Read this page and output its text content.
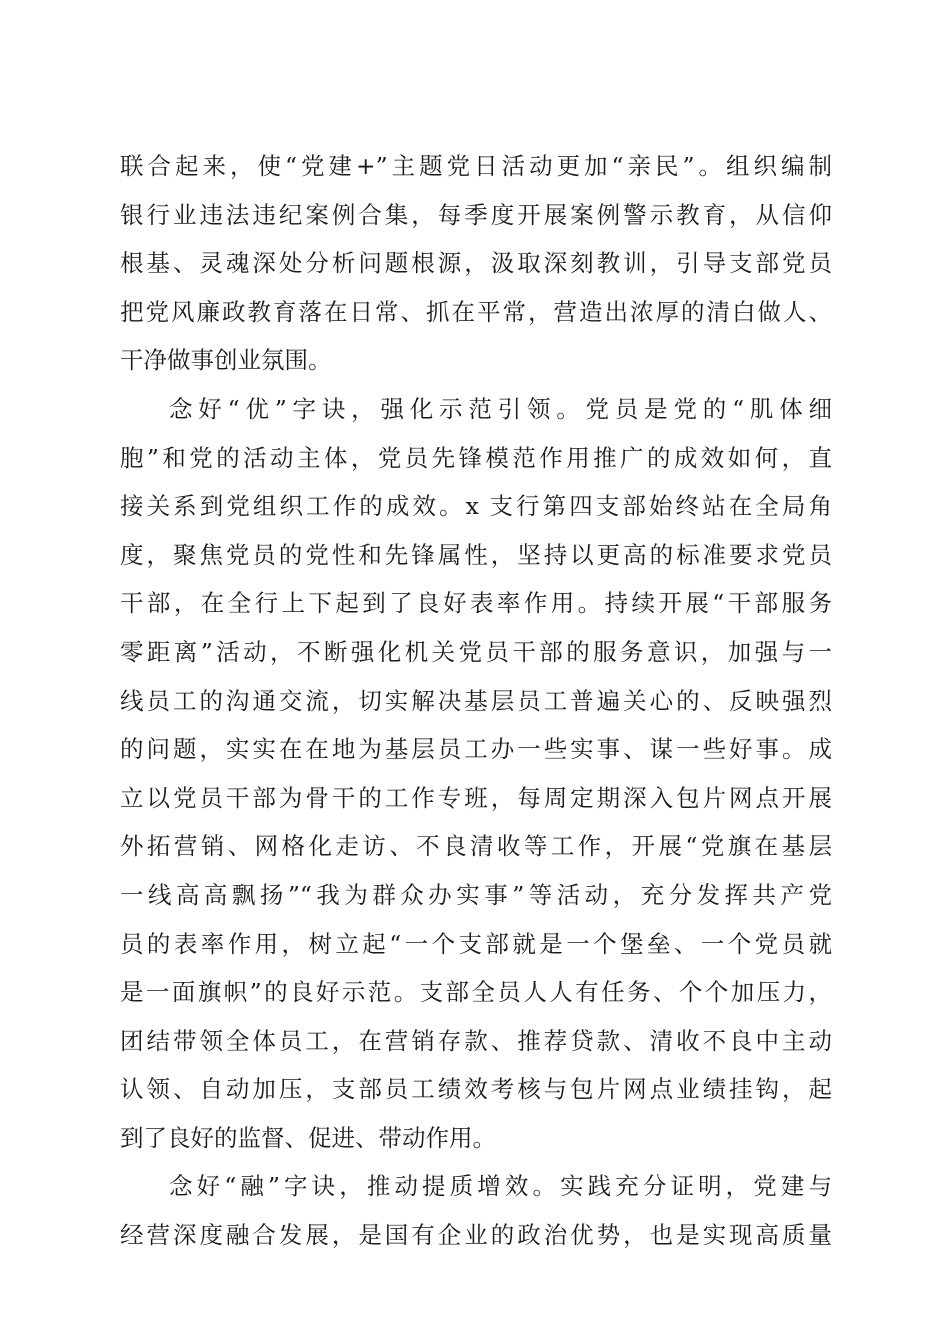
联合起来，使“党建+”主题党日活动更加“亲民”。组织编制
银行业违法违纪案例合集，每季度开展案例警示教育，从信仰
根基、灵魂深处分析问题根源，汲取深刻教训，引导支部党员
把党风廉政教育落在日常、抓在平常，营造出浓厚的清白做人、
干净做事创业氛围。
念好“优”字诀，强化示范引领。党员是党的“肌体细
胞”和党的活动主体，党员先锋模范作用推广的成效如何，直
接关系到党组织工作的成效。x 支行第四支部始终站在全局角
度，聚焦党员的党性和先锋属性，坚持以更高的标准要求党员
干部，在全行上下起到了良好表率作用。持续开展“干部服务
零距离”活动，不断强化机关党员干部的服务意识，加强与一
线员工的沟通交流，切实解决基层员工普遍关心的、反映强烈
的问题，实实在在地为基层员工办一些实事、谋一些好事。成
立以党员干部为骨干的工作专班，每周定期深入包片网点开展
外拓营销、网格化走访、不良清收等工作，开展“党旗在基层
一线高高飘扬”“我为群众办实事”等活动，充分发挥共产党
员的表率作用，树立起“一个支部就是一个堡垒、一个党员就
是一面旗帜”的良好示范。支部全员人人有任务、个个加压力，
团结带领全体员工，在营销存款、推荐贷款、清收不良中主动
认领、自动加压，支部员工绩效考核与包片网点业绩挂钩，起
到了良好的监督、促进、带动作用。
念好“融”字诀，推动提质增效。实践充分证明，党建与
经营深度融合发展，是国有企业的政治优势，也是实现高质量
